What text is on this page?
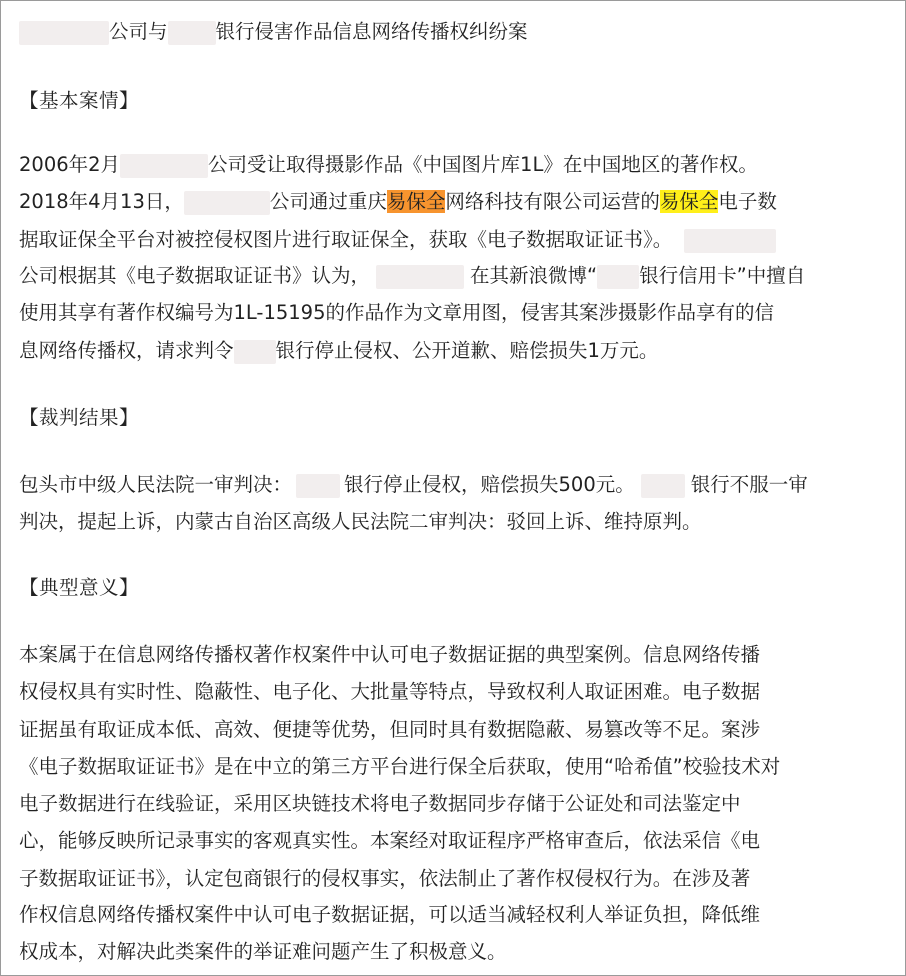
公司与 银行侵害作品信息网络传播权纠纷案
【基本案情】
2006年2月	公司受让取得摄影作品《中国图片库1L》在中国地区的著作权。
2018年4月13日，	公司通过重庆易保全网络科技有限公司运营的易保全电子数
据取证保全平台对被控侵权图片进行取证保全，获取《电子数据取证证书》。
公司根据其《电子数据取证证书》认为，	在其新浪微博“ 银行信用卡”中擅自
使用其享有著作权编号为1L-15195的作品作为文章用图，侵害其案涉摄影作品享有的信
息网络传播权，请求判令 银行停止侵权、公开道歉、赔偿损失1万元。
【裁判结果】
包头市中级人民法院一审判决：	银行停止侵权，赔偿损失500元。	银行不服一审
判决，提起上诉，内蒙古自治区高级人民法院二审判决：驳回上诉、维持原判。
【典型意义】
本案属于在信息网络传播权著作权案件中认可电子数据证据的典型案例。信息网络传播
权侵权具有实时性、隐蔽性、电子化、大批量等特点，导致权利人取证困难。电子数据
证据虽有取证成本低、高效、便捷等优势，但同时具有数据隐蔽、易篡改等不足。案涉
《电子数据取证证书》是在中立的第三方平台进行保全后获取，使用“哈希值”校验技术对
电子数据进行在线验证，采用区块链技术将电子数据同步存储于公证处和司法鉴定中
心，能够反映所记录事实的客观真实性。本案经对取证程序严格审查后，依法采信《电
子数据取证证书》，认定包商银行的侵权事实，依法制止了著作权侵权行为。在涉及著
作权信息网络传播权案件中认可电子数据证据，可以适当减轻权利人举证负担，降低维
权成本，对解决此类案件的举证难问题产生了积极意义。
